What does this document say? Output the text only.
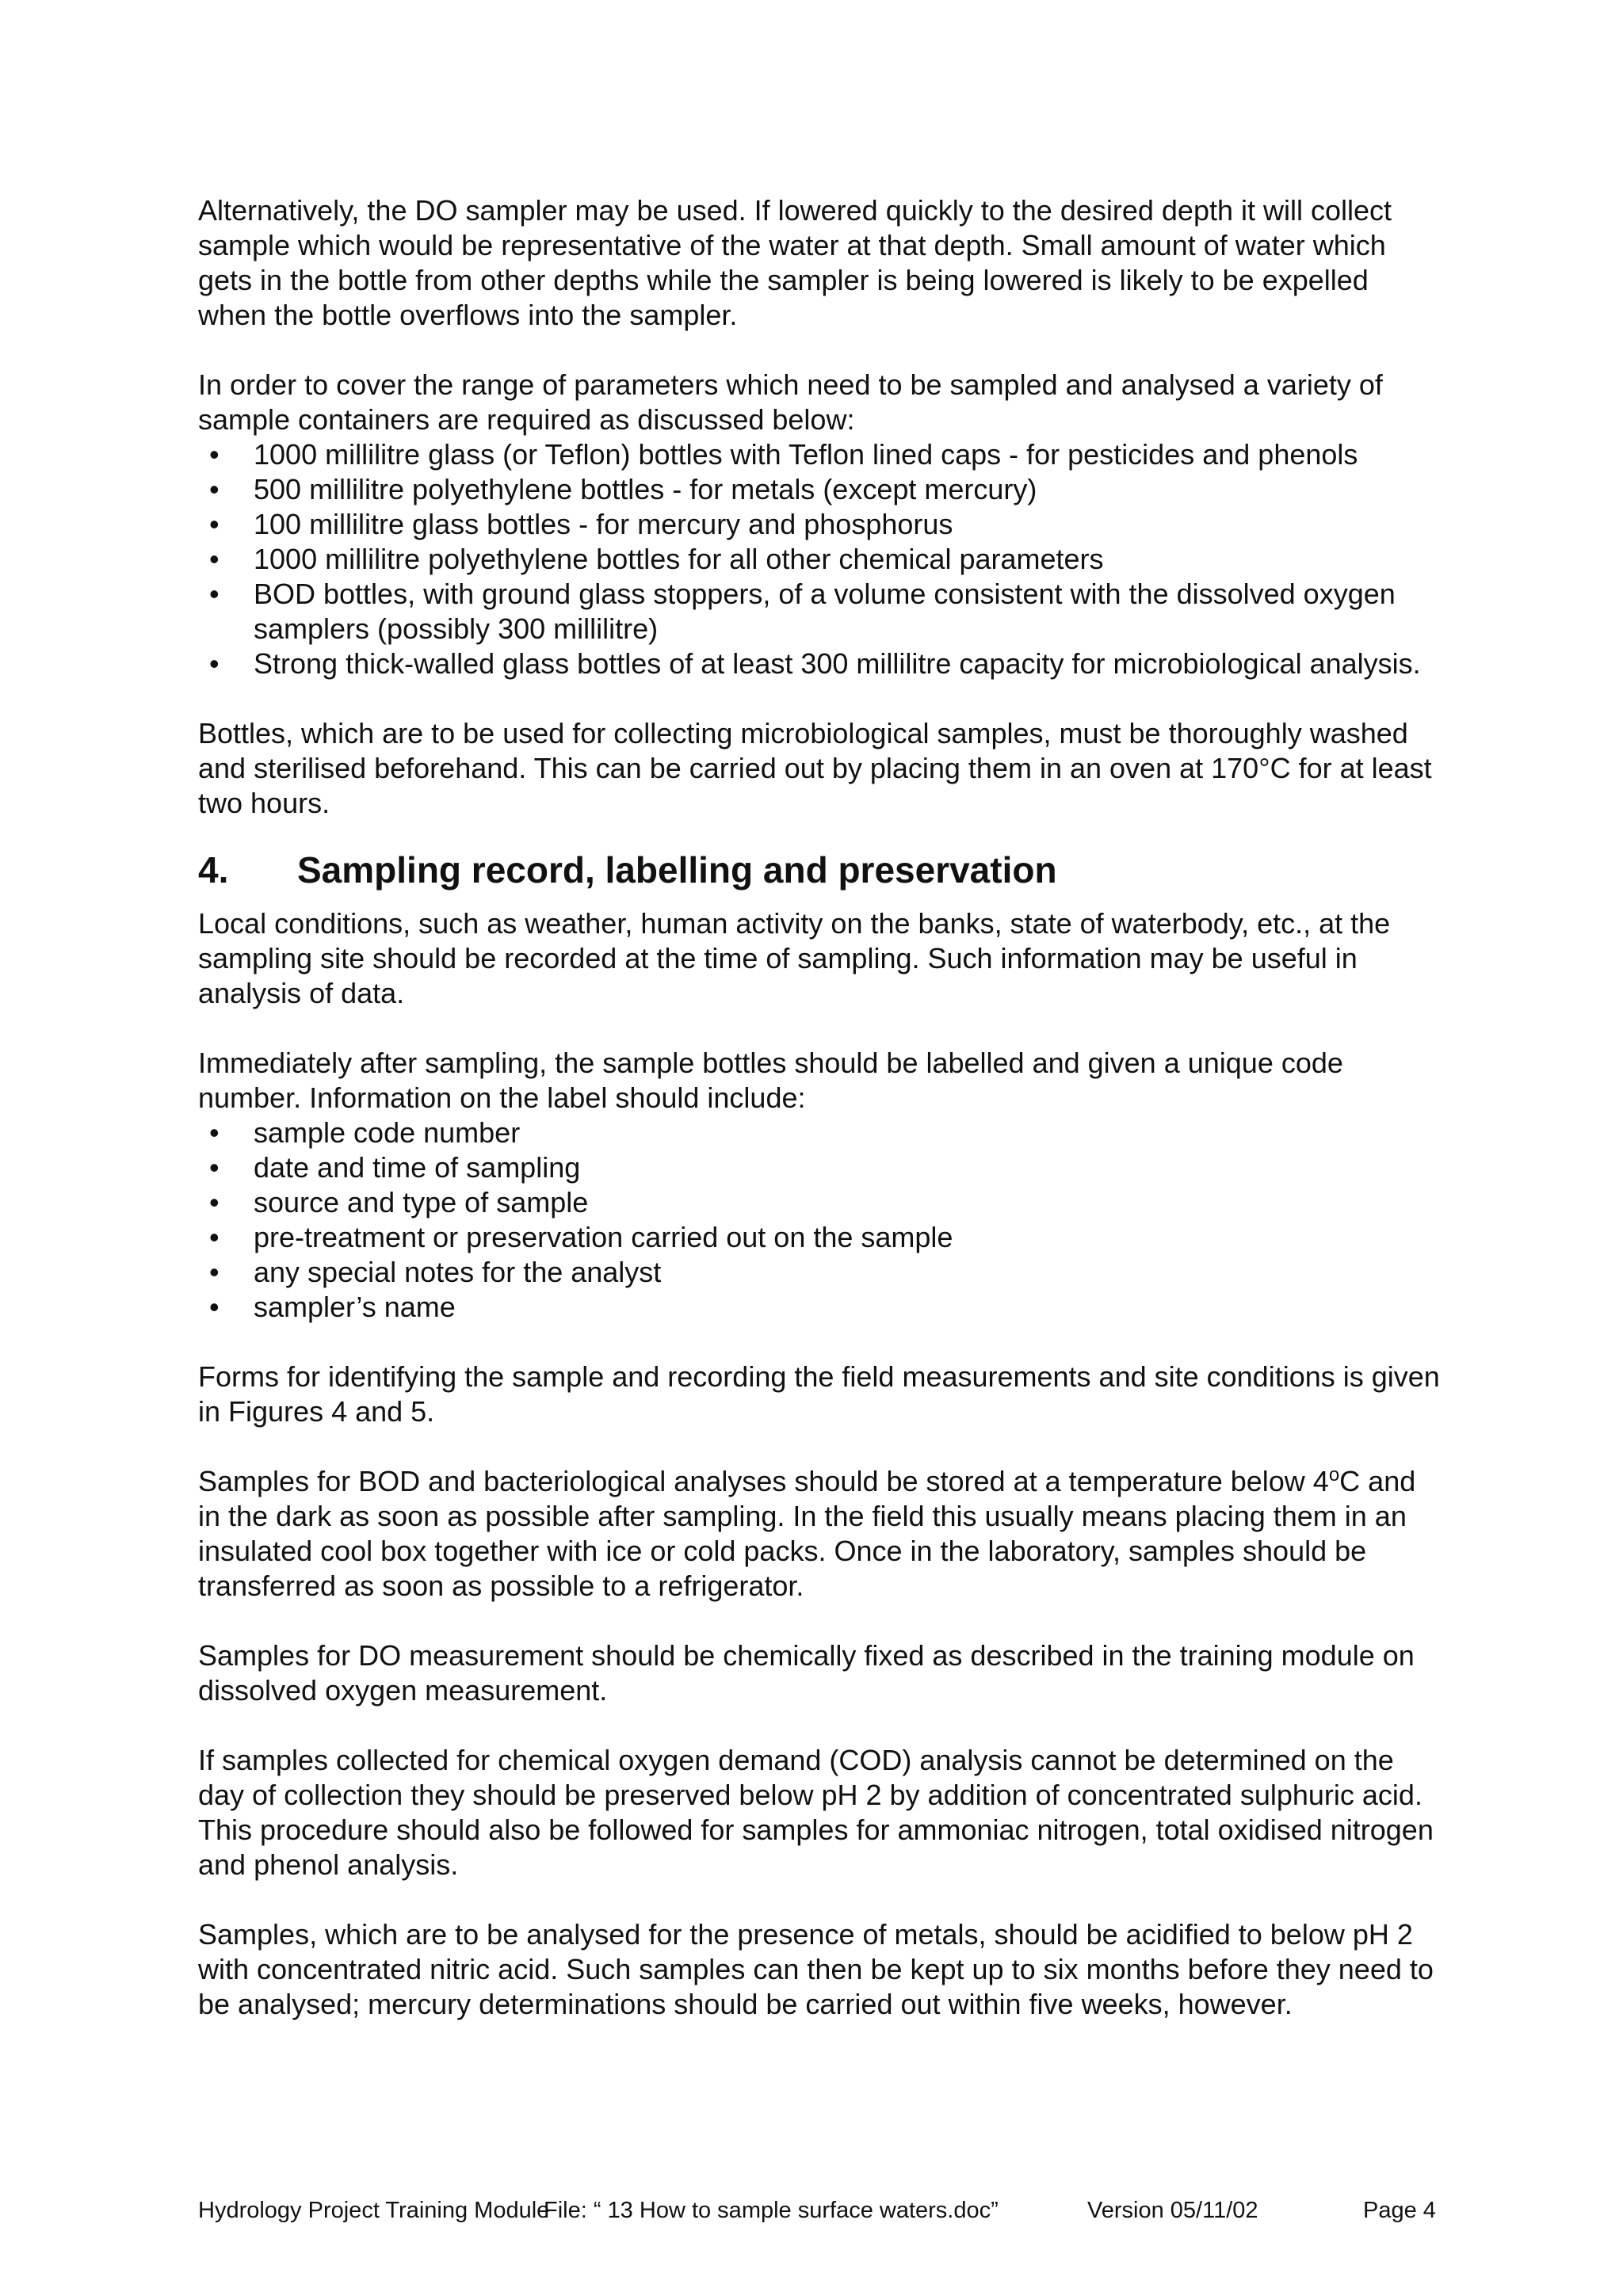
Alternatively, the DO sampler may be used. If lowered quickly to the desired depth it will collect sample which would be representative of the water at that depth. Small amount of water which gets in the bottle from other depths while the sampler is being lowered is likely to be expelled when the bottle overflows into the sampler.

In order to cover the range of parameters which need to be sampled and analysed a variety of sample containers are required as discussed below:

• 1000 millilitre glass (or Teflon) bottles with Teflon lined caps - for pesticides and phenols
• 500 millilitre polyethylene bottles - for metals (except mercury)
• 100 millilitre glass bottles - for mercury and phosphorus
• 1000 millilitre polyethylene bottles for all other chemical parameters
• BOD bottles, with ground glass stoppers, of a volume consistent with the dissolved oxygen samplers (possibly 300 millilitre)
• Strong thick-walled glass bottles of at least 300 millilitre capacity for microbiological analysis.

Bottles, which are to be used for collecting microbiological samples, must be thoroughly washed and sterilised beforehand. This can be carried out by placing them in an oven at 170°C for at least two hours.

4.	Sampling record, labelling and preservation

Local conditions, such as weather, human activity on the banks, state of waterbody, etc., at the sampling site should be recorded at the time of sampling. Such information may be useful in analysis of data.

Immediately after sampling, the sample bottles should be labelled and given a unique code number. Information on the label should include:

• sample code number
• date and time of sampling
• source and type of sample
• pre-treatment or preservation carried out on the sample
• any special notes for the analyst
• sampler’s name

Forms for identifying the sample and recording the field measurements and site conditions is given in Figures 4 and 5.

Samples for BOD and bacteriological analyses should be stored at a temperature below 4$^o$C and in the dark as soon as possible after sampling. In the field this usually means placing them in an insulated cool box together with ice or cold packs. Once in the laboratory, samples should be transferred as soon as possible to a refrigerator.

Samples for DO measurement should be chemically fixed as described in the training module on dissolved oxygen measurement.

If samples collected for chemical oxygen demand (COD) analysis cannot be determined on the day of collection they should be preserved below pH 2 by addition of concentrated sulphuric acid. This procedure should also be followed for samples for ammoniac nitrogen, total oxidised nitrogen and phenol analysis.

Samples, which are to be analysed for the presence of metals, should be acidified to below pH 2 with concentrated nitric acid. Such samples can then be kept up to six months before they need to be analysed; mercury determinations should be carried out within five weeks, however.

Hydrology Project Training Module
File: “ 13 How to sample surface waters.doc”	Version 05/11/02	Page 4
